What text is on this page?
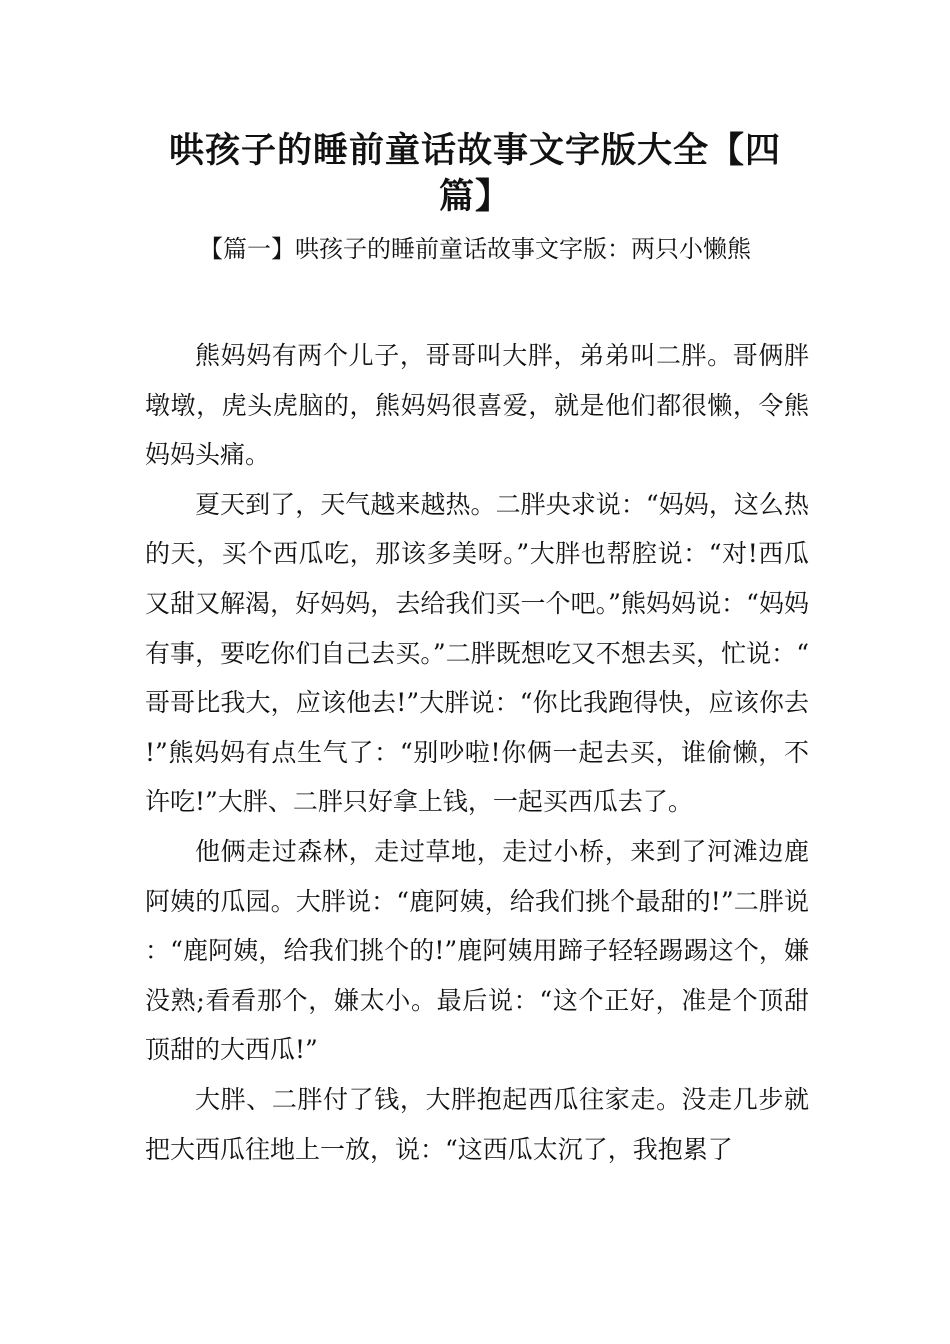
哄孩子的睡前童话故事文字版大全【四篇】
【篇一】哄孩子的睡前童话故事文字版：两只小懒熊

熊妈妈有两个儿子，哥哥叫大胖，弟弟叫二胖。哥俩胖墩墩，虎头虎脑的，熊妈妈很喜爱，就是他们都很懒，令熊妈妈头痛。

夏天到了，天气越来越热。二胖央求说：“妈妈，这么热的天，买个西瓜吃，那该多美呀。”大胖也帮腔说：“对!西瓜又甜又解渴，好妈妈，去给我们买一个吧。”熊妈妈说：“妈妈有事，要吃你们自己去买。”二胖既想吃又不想去买，忙说：“哥哥比我大，应该他去!”大胖说：“你比我跑得快，应该你去!”熊妈妈有点生气了：“别吵啦!你俩一起去买，谁偷懒，不许吃!”大胖、二胖只好拿上钱，一起买西瓜去了。

他俩走过森林，走过草地，走过小桥，来到了河滩边鹿阿姨的瓜园。大胖说：“鹿阿姨，给我们挑个最甜的!”二胖说：“鹿阿姨，给我们挑个的!”鹿阿姨用蹄子轻轻踢踢这个，嫌没熟;看看那个，嫌太小。最后说：“这个正好，准是个顶甜顶甜的大西瓜!”

大胖、二胖付了钱，大胖抱起西瓜往家走。没走几步就把大西瓜往地上一放，说：“这西瓜太沉了，我抱累了
